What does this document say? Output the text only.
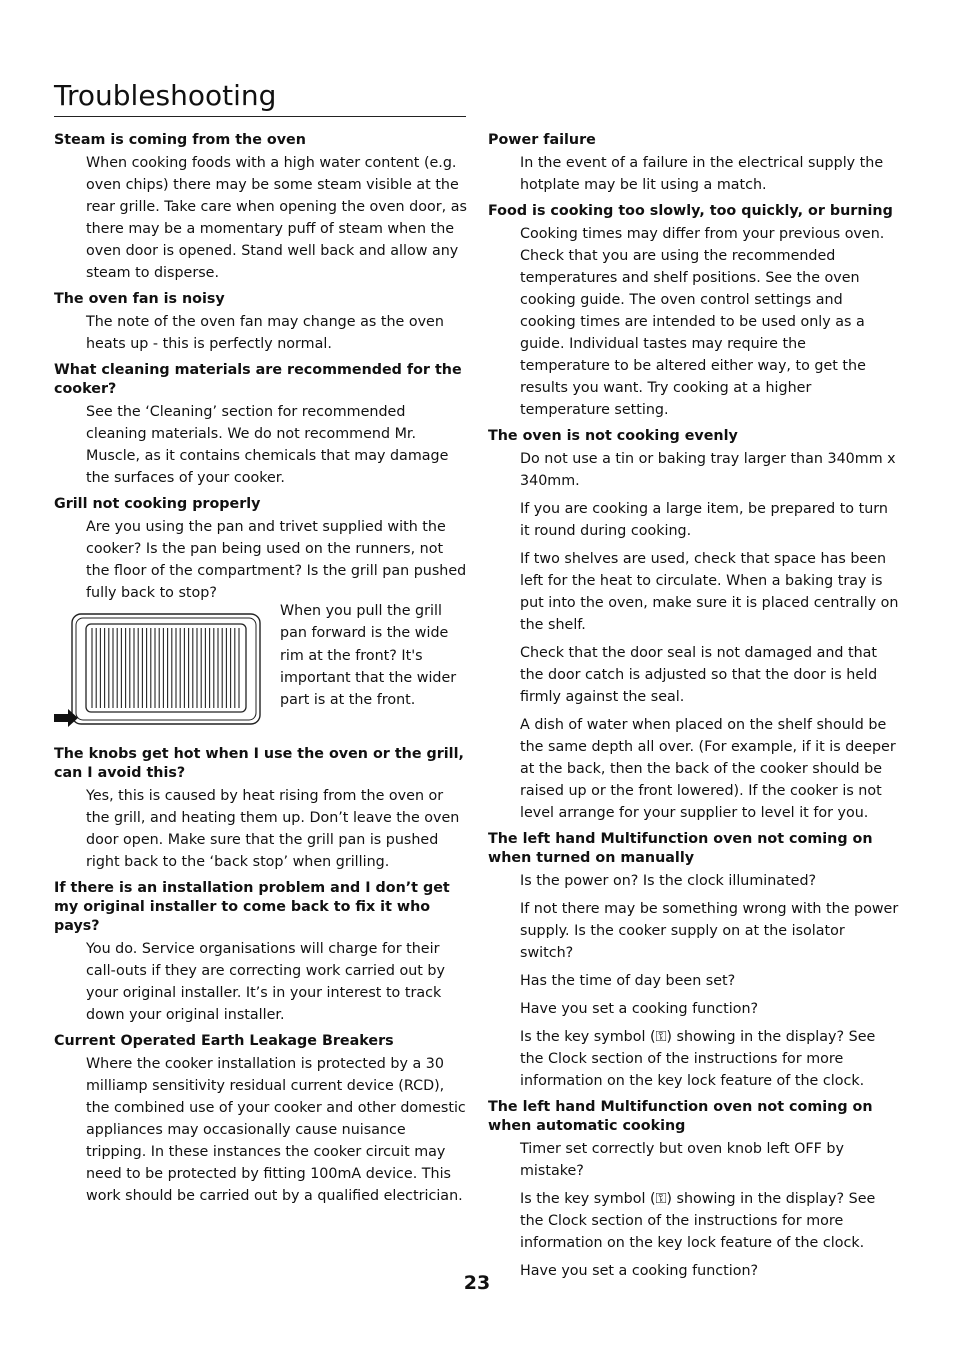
Troubleshooting
Steam is coming from the oven
When cooking foods with a high water content (e.g. oven chips) there may be some steam visible at the rear grille. Take care when opening the oven door, as there may be a momentary puff of steam when the oven door is opened. Stand well back and allow any steam to disperse.
The oven fan is noisy
The note of the oven fan may change as the oven heats up - this is perfectly normal.
What cleaning materials are recommended for the cooker?
See the ‘Cleaning’ section for recommended cleaning materials. We do not recommend Mr. Muscle, as it contains chemicals that may damage the surfaces of your cooker.
Grill not cooking properly
Are you using the pan and trivet supplied with the cooker? Is the pan being used on the runners, not the floor of the compartment? Is the grill pan pushed fully back to stop?

When you pull the grill pan forward is the wide rim at the front? It's important that the wider part is at the front.

The knobs get hot when I use the oven or the grill, can I avoid this?
Yes, this is caused by heat rising from the oven or the grill, and heating them up. Don’t leave the oven door open. Make sure that the grill pan is pushed right back to the ‘back stop’ when grilling.
If there is an installation problem and I don’t get my original installer to come back to fix it who pays?
You do. Service organisations will charge for their call-outs if they are correcting work carried out by your original installer. It’s in your interest to track down your original installer.
Current Operated Earth Leakage Breakers
Where the cooker installation is protected by a 30 milliamp sensitivity residual current device (RCD), the combined use of your cooker and other domestic appliances may occasionally cause nuisance tripping. In these instances the cooker circuit may need to be protected by fitting 100mA device. This work should be carried out by a qualified electrician.
Power failure
In the event of a failure in the electrical supply the hotplate may be lit using a match.
Food is cooking too slowly, too quickly, or burning
Cooking times may differ from your previous oven. Check that you are using the recommended temperatures and shelf positions. See the oven cooking guide. The oven control settings and cooking times are intended to be used only as a guide. Individual tastes may require the temperature to be altered either way, to get the results you want. Try cooking at a higher temperature setting.
The oven is not cooking evenly
Do not use a tin or baking tray larger than 340mm x 340mm.
If you are cooking a large item, be prepared to turn it round during cooking.
If two shelves are used, check that space has been left for the heat to circulate. When a baking tray is put into the oven, make sure it is placed centrally on the shelf.
Check that the door seal is not damaged and that the door catch is adjusted so that the door is held firmly against the seal.
A dish of water when placed on the shelf should be the same depth all over. (For example, if it is deeper at the back, then the back of the cooker should be raised up or the front lowered). If the cooker is not level arrange for your supplier to level it for you.
The left hand Multifunction oven not coming on when turned on manually
Is the power on? Is the clock illuminated?
If not there may be something wrong with the power supply. Is the cooker supply on at the isolator switch?
Has the time of day been set?
Have you set a cooking function?
Is the key symbol (⚿) showing in the display? See the Clock section of the instructions for more information on the key lock feature of the clock.
The left hand Multifunction oven not coming on when automatic cooking
Timer set correctly but oven knob left OFF by mistake?
Is the key symbol (⚿) showing in the display? See the Clock section of the instructions for more information on the key lock feature of the clock.
Have you set a cooking function?
23
